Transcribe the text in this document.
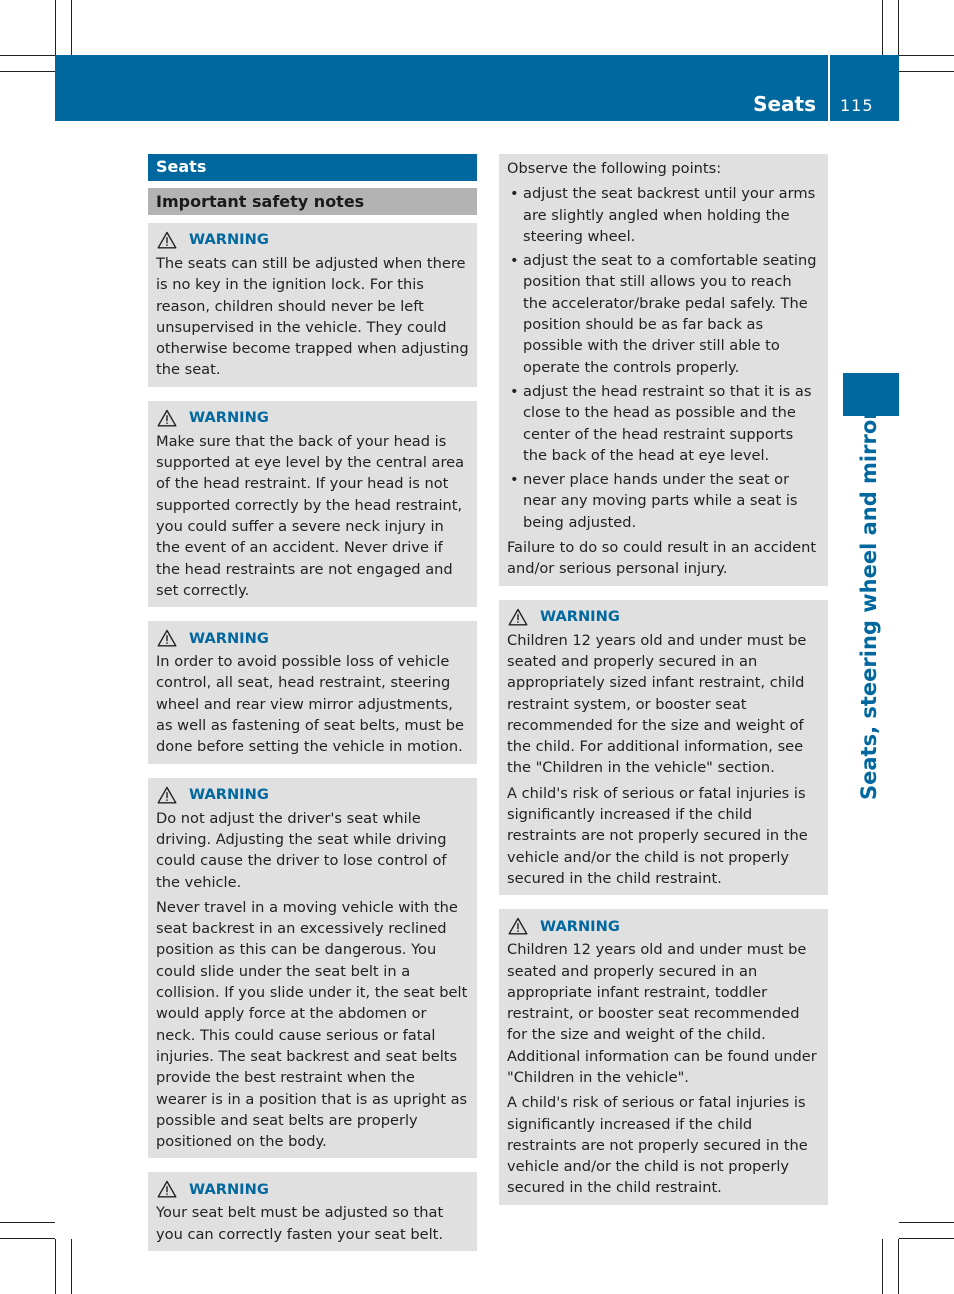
Seats 115
Seats, steering wheel and mirrors
Seats
Important safety notes
WARNING

The seats can still be adjusted when there is no key in the ignition lock. For this reason, children should never be left unsupervised in the vehicle. They could otherwise become trapped when adjusting the seat.

WARNING

Make sure that the back of your head is supported at eye level by the central area of the head restraint. If your head is not supported correctly by the head restraint, you could suffer a severe neck injury in the event of an accident. Never drive if the head restraints are not engaged and set correctly.

WARNING

In order to avoid possible loss of vehicle control, all seat, head restraint, steering wheel and rear view mirror adjustments, as well as fastening of seat belts, must be done before setting the vehicle in motion.

WARNING

Do not adjust the driver's seat while driving. Adjusting the seat while driving could cause the driver to lose control of the vehicle.

Never travel in a moving vehicle with the seat backrest in an excessively reclined position as this can be dangerous. You could slide under the seat belt in a collision. If you slide under it, the seat belt would apply force at the abdomen or neck. This could cause serious or fatal injuries. The seat backrest and seat belts provide the best restraint when the wearer is in a position that is as upright as possible and seat belts are properly positioned on the body.

WARNING

Your seat belt must be adjusted so that you can correctly fasten your seat belt.

Observe the following points:

• adjust the seat backrest until your arms are slightly angled when holding the steering wheel.
• adjust the seat to a comfortable seating position that still allows you to reach the accelerator/brake pedal safely. The position should be as far back as possible with the driver still able to operate the controls properly.
• adjust the head restraint so that it is as close to the head as possible and the center of the head restraint supports the back of the head at eye level.
• never place hands under the seat or near any moving parts while a seat is being adjusted.

Failure to do so could result in an accident and/or serious personal injury.

WARNING

Children 12 years old and under must be seated and properly secured in an appropriately sized infant restraint, child restraint system, or booster seat recommended for the size and weight of the child. For additional information, see the "Children in the vehicle" section.

A child's risk of serious or fatal injuries is significantly increased if the child restraints are not properly secured in the vehicle and/or the child is not properly secured in the child restraint.

WARNING

Children 12 years old and under must be seated and properly secured in an appropriate infant restraint, toddler restraint, or booster seat recommended for the size and weight of the child. Additional information can be found under "Children in the vehicle".

A child's risk of serious or fatal injuries is significantly increased if the child restraints are not properly secured in the vehicle and/or the child is not properly secured in the child restraint.
